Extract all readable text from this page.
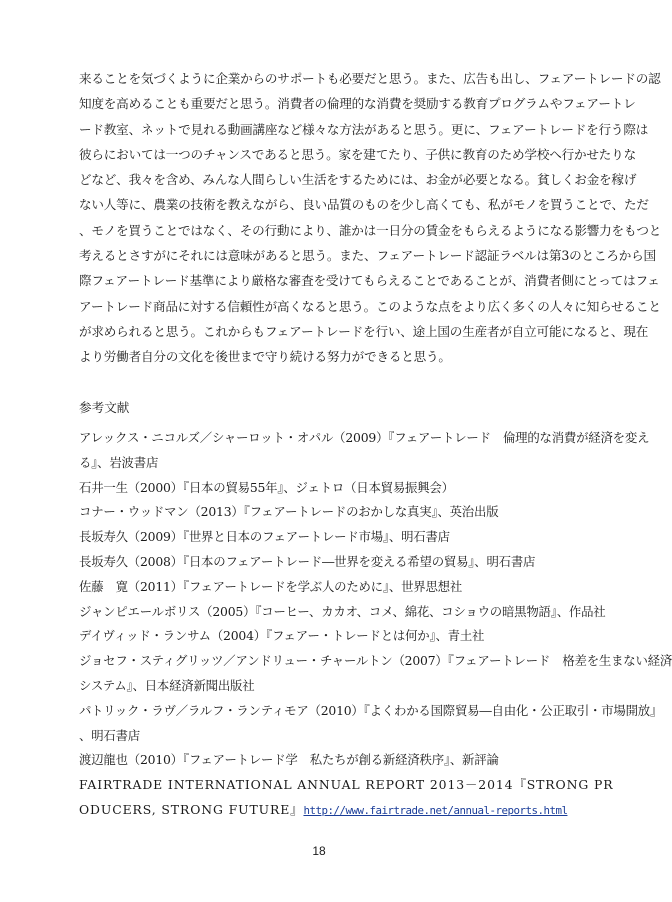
来ることを気づくように企業からのサポートも必要だと思う。また、広告も出し、フェアートレードの認
知度を高めることも重要だと思う。消費者の倫理的な消費を奨励する教育プログラムやフェアートレ
ード教室、ネットで見れる動画講座など様々な方法があると思う。更に、フェアートレードを行う際は
彼らにおいては一つのチャンスであると思う。家を建てたり、子供に教育のため学校へ行かせたりな
どなど、我々を含め、みんな人間らしい生活をするためには、お金が必要となる。貧しくお金を稼げ
ない人等に、農業の技術を教えながら、良い品質のものを少し高くても、私がモノを買うことで、ただ
、モノを買うことではなく、その行動により、誰かは一日分の賃金をもらえるようになる影響力をもつと
考えるとさすがにそれには意味があると思う。また、フェアートレード認証ラベルは第3のところから国
際フェアートレード基準により厳格な審査を受けてもらえることであることが、消費者側にとってはフェ
アートレード商品に対する信頼性が高くなると思う。このような点をより広く多くの人々に知らせること
が求められると思う。これからもフェアートレードを行い、途上国の生産者が自立可能になると、現在
より労働者自分の文化を後世まで守り続ける努力ができると思う。
参考文献
アレックス・ニコルズ／シャーロット・オパル（2009）『フェアートレード　倫理的な消費が経済を変え
る』、岩波書店
石井一生（2000）『日本の貿易55年』、ジェトロ（日本貿易振興会）
コナー・ウッドマン（2013）『フェアートレードのおかしな真実』、英治出版
長坂寿久（2009）『世界と日本のフェアートレード市場』、明石書店
長坂寿久（2008）『日本のフェアートレード―世界を変える希望の貿易』、明石書店
佐藤　寛（2011）『フェアートレードを学ぶ人のために』、世界思想社
ジャンピエールボリス（2005）『コーヒー、カカオ、コメ、綿花、コショウの暗黒物語』、作品社
デイヴィッド・ランサム（2004）『フェアー・トレードとは何か』、青土社
ジョセフ・スティグリッツ／アンドリュー・チャールトン（2007）『フェアートレード　格差を生まない経済
システム』、日本経済新聞出版社
パトリック・ラヴ／ラルフ・ランティモア（2010）『よくわかる国際貿易―自由化・公正取引・市場開放』
、明石書店
渡辺龍也（2010）『フェアートレード学　私たちが創る新経済秩序』、新評論
FAIRTRADE INTERNATIONAL ANNUAL REPORT 2013－2014『STRONG PR
ODUCERS, STRONG FUTURE』http://www.fairtrade.net/annual-reports.html
18
